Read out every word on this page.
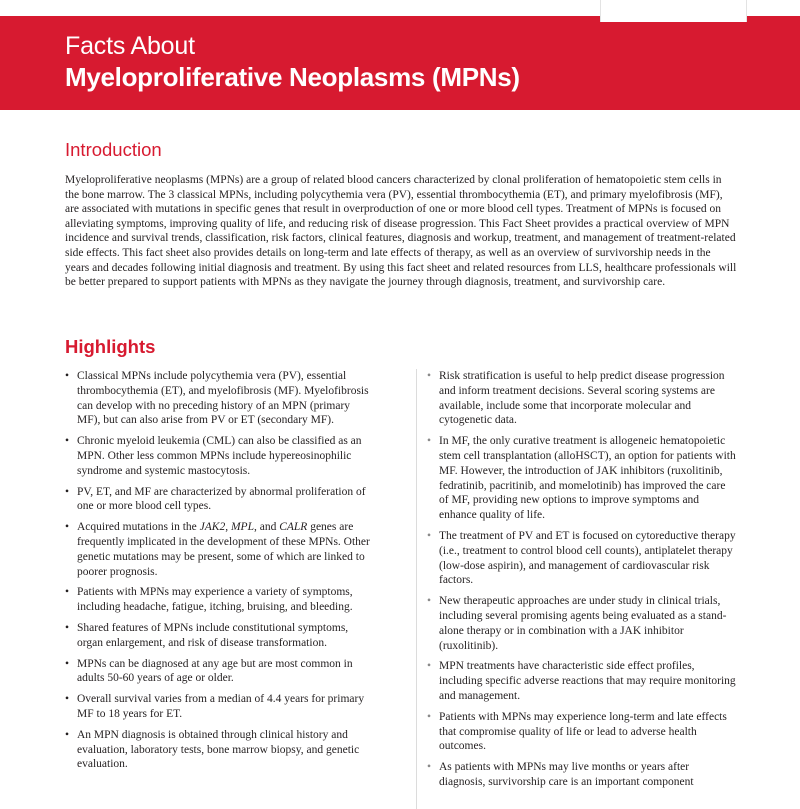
Facts About
Myeloproliferative Neoplasms (MPNs)
Introduction

Myeloproliferative neoplasms (MPNs) are a group of related blood cancers characterized by clonal proliferation of hematopoietic stem cells in the bone marrow. The 3 classical MPNs, including polycythemia vera (PV), essential thrombocythemia (ET), and primary myelofibrosis (MF), are associated with mutations in specific genes that result in overproduction of one or more blood cell types. Treatment of MPNs is focused on alleviating symptoms, improving quality of life, and reducing risk of disease progression. This Fact Sheet provides a practical overview of MPN incidence and survival trends, classification, risk factors, clinical features, diagnosis and workup, treatment, and management of treatment-related side effects. This fact sheet also provides details on long-term and late effects of therapy, as well as an overview of survivorship needs in the years and decades following initial diagnosis and treatment. By using this fact sheet and related resources from LLS, healthcare professionals will be better prepared to support patients with MPNs as they navigate the journey through diagnosis, treatment, and survivorship care.

Highlights
• Classical MPNs include polycythemia vera (PV), essential thrombocythemia (ET), and myelofibrosis (MF). Myelofibrosis can develop with no preceding history of an MPN (primary MF), but can also arise from PV or ET (secondary MF).
• Chronic myeloid leukemia (CML) can also be classified as an MPN. Other less common MPNs include hypereosinophilic syndrome and systemic mastocytosis.
• PV, ET, and MF are characterized by abnormal proliferation of one or more blood cell types.
• Acquired mutations in the JAK2, MPL, and CALR genes are frequently implicated in the development of these MPNs. Other genetic mutations may be present, some of which are linked to poorer prognosis.
• Patients with MPNs may experience a variety of symptoms, including headache, fatigue, itching, bruising, and bleeding.
• Shared features of MPNs include constitutional symptoms, organ enlargement, and risk of disease transformation.
• MPNs can be diagnosed at any age but are most common in adults 50-60 years of age or older.
• Overall survival varies from a median of 4.4 years for primary MF to 18 years for ET.
• An MPN diagnosis is obtained through clinical history and evaluation, laboratory tests, bone marrow biopsy, and genetic evaluation.
• Risk stratification is useful to help predict disease progression and inform treatment decisions. Several scoring systems are available, include some that incorporate molecular and cytogenetic data.
• In MF, the only curative treatment is allogeneic hematopoietic stem cell transplantation (alloHSCT), an option for patients with MF. However, the introduction of JAK inhibitors (ruxolitinib, fedratinib, pacritinib, and momelotinib) has improved the care of MF, providing new options to improve symptoms and enhance quality of life.
• The treatment of PV and ET is focused on cytoreductive therapy (i.e., treatment to control blood cell counts), antiplatelet therapy (low-dose aspirin), and management of cardiovascular risk factors.
• New therapeutic approaches are under study in clinical trials, including several promising agents being evaluated as a stand-alone therapy or in combination with a JAK inhibitor (ruxolitinib).
• MPN treatments have characteristic side effect profiles, including specific adverse reactions that may require monitoring and management.
• Patients with MPNs may experience long-term and late effects that compromise quality of life or lead to adverse health outcomes.
• As patients with MPNs may live months or years after diagnosis, survivorship care is an important component
